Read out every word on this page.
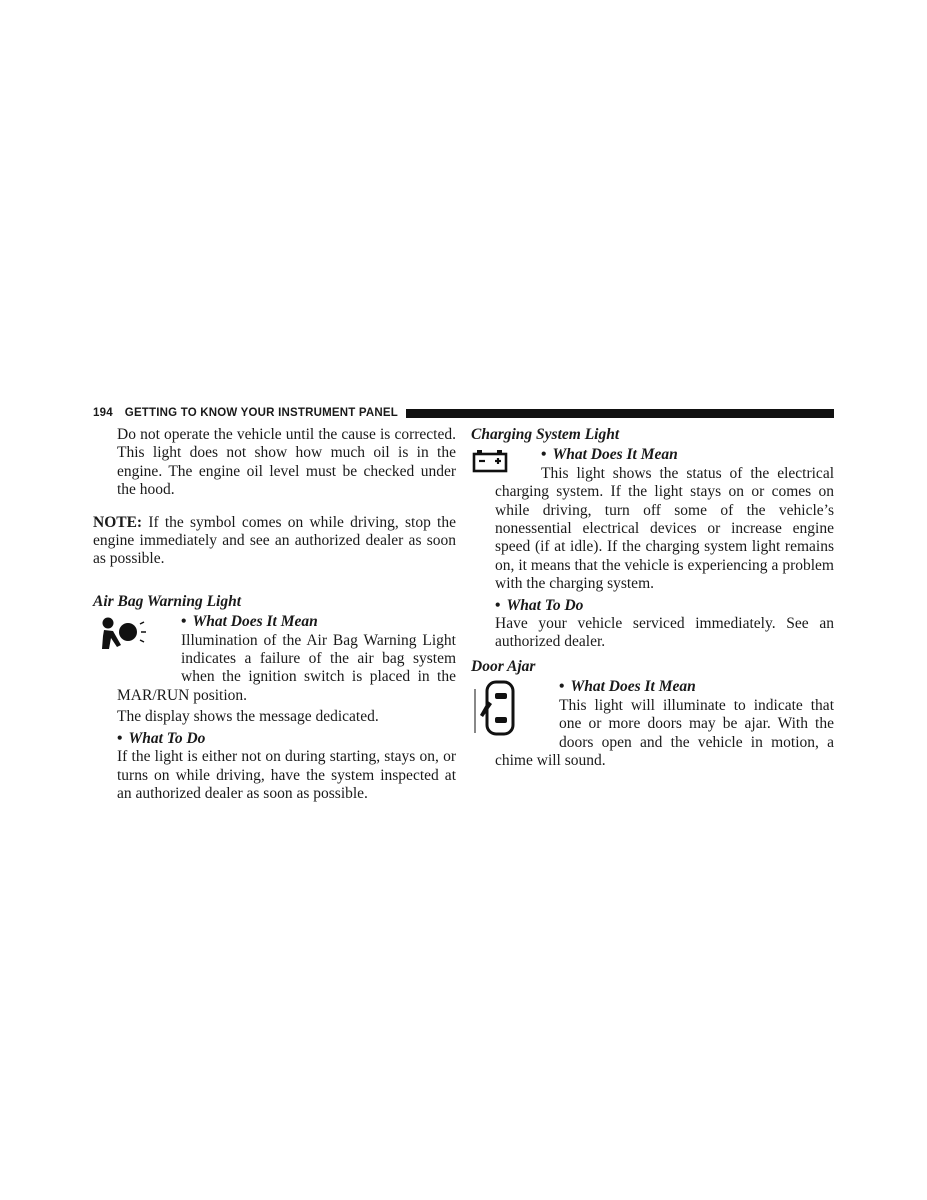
194 GETTING TO KNOW YOUR INSTRUMENT PANEL

Do not operate the vehicle until the cause is corrected. This light does not show how much oil is in the engine. The engine oil level must be checked under the hood.

NOTE: If the symbol comes on while driving, stop the engine immediately and see an authorized dealer as soon as possible.

Air Bag Warning Light

• What Does It Mean

Illumination of the Air Bag Warning Light

indicates a failure of the air bag system

when the ignition switch is placed in the

MAR/RUN position.

The display shows the message dedicated.

• What To Do

If the light is either not on during starting, stays on, or turns on while driving, have the system inspected at an authorized dealer as soon as possible.

Charging System Light

• What Does It Mean

This light shows the status of the electrical

charging system. If the light stays on or comes on while driving, turn off some of the vehicle’s nonessential electrical devices or increase engine speed (if at idle). If the charging system light remains on, it means that the vehicle is experiencing a problem with the charging system.

• What To Do

Have your vehicle serviced immediately. See an authorized dealer.

Door Ajar

• What Does It Mean

This light will illuminate to indicate that

one or more doors may be ajar. With the

doors open and the vehicle in motion, a

chime will sound.
